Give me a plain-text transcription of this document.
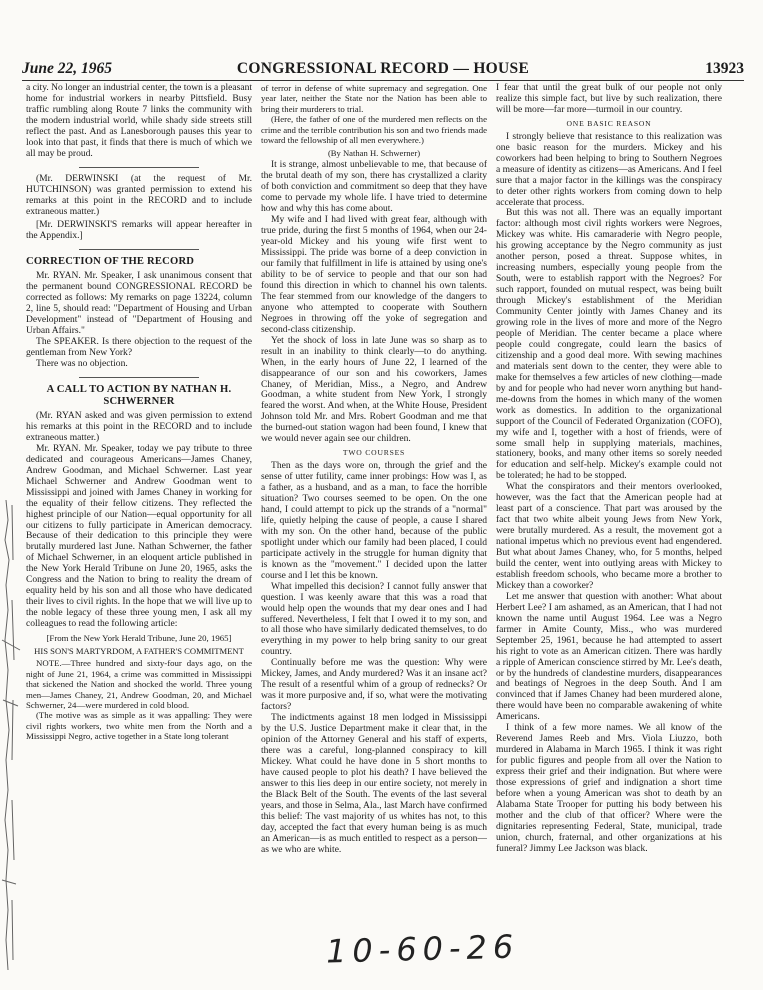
June 22, 1965	CONGRESSIONAL RECORD — HOUSE	13923

a city. No longer an industrial center, the town is a pleasant home for industrial workers in nearby Pittsfield. Busy traffic rumbling along Route 7 links the community with the modern industrial world, while shady side streets still reflect the past. And as Lanesborough pauses this year to look into that past, it finds that there is much of which we all may be proud.

(Mr. DERWINSKI (at the request of Mr. HUTCHINSON) was granted permission to extend his remarks at this point in the RECORD and to include extraneous matter.)

[Mr. DERWINSKI'S remarks will appear hereafter in the Appendix.]

CORRECTION OF THE RECORD

Mr. RYAN. Mr. Speaker, I ask unanimous consent that the permanent bound CONGRESSIONAL RECORD be corrected as follows: My remarks on page 13224, column 2, line 5, should read: "Department of Housing and Urban Development" instead of "Department of Housing and Urban Affairs."

The SPEAKER. Is there objection to the request of the gentleman from New York?

There was no objection.

A CALL TO ACTION BY NATHAN H. SCHWERNER

(Mr. RYAN asked and was given permission to extend his remarks at this point in the RECORD and to include extraneous matter.)

Mr. RYAN. Mr. Speaker, today we pay tribute to three dedicated and courageous Americans—James Chaney, Andrew Goodman, and Michael Schwerner. Last year Michael Schwerner and Andrew Goodman went to Mississippi and joined with James Chaney in working for the equality of their fellow citizens. They reflected the highest principle of our Nation—equal opportunity for all our citizens to fully participate in American democracy. Because of their dedication to this principle they were brutally murdered last June. Nathan Schwerner, the father of Michael Schwerner, in an eloquent article published in the New York Herald Tribune on June 20, 1965, asks the Congress and the Nation to bring to reality the dream of equality held by his son and all those who have dedicated their lives to civil rights. In the hope that we will live up to the noble legacy of these three young men, I ask all my colleagues to read the following article:

[From the New York Herald Tribune, June 20, 1965]

HIS SON'S MARTYRDOM, A FATHER'S COMMITMENT

NOTE.—Three hundred and sixty-four days ago, on the night of June 21, 1964, a crime was committed in Mississippi that sickened the Nation and shocked the world. Three young men—James Chaney, 21, Andrew Goodman, 20, and Michael Schwerner, 24—were murdered in cold blood.

(The motive was as simple as it was appalling: They were civil rights workers, two white men from the North and a Mississippi Negro, active together in a State long tolerant

of terror in defense of white supremacy and segregation. One year later, neither the State nor the Nation has been able to bring their murderers to trial.

(Here, the father of one of the murdered men reflects on the crime and the terrible contribution his son and two friends made toward the fellowship of all men everywhere.)

(By Nathan H. Schwerner)

It is strange, almost unbelievable to me, that because of the brutal death of my son, there has crystallized a clarity of both conviction and commitment so deep that they have come to pervade my whole life. I have tried to determine how and why this has come about.

My wife and I had lived with great fear, although with true pride, during the first 5 months of 1964, when our 24-year-old Mickey and his young wife first went to Mississippi. The pride was borne of a deep conviction in our family that fulfillment in life is attained by using one's ability to be of service to people and that our son had found this direction in which to channel his own talents. The fear stemmed from our knowledge of the dangers to anyone who attempted to cooperate with Southern Negroes in throwing off the yoke of segregation and second-class citizenship.

Yet the shock of loss in late June was so sharp as to result in an inability to think clearly—to do anything. When, in the early hours of June 22, I learned of the disappearance of our son and his coworkers, James Chaney, of Meridian, Miss., a Negro, and Andrew Goodman, a white student from New York, I strongly feared the worst. And when, at the White House, President Johnson told Mr. and Mrs. Robert Goodman and me that the burned-out station wagon had been found, I knew that we would never again see our children.

TWO COURSES

Then as the days wore on, through the grief and the sense of utter futility, came inner probings: How was I, as a father, as a husband, and as a man, to face the horrible situation? Two courses seemed to be open. On the one hand, I could attempt to pick up the strands of a "normal" life, quietly helping the cause of people, a cause I shared with my son. On the other hand, because of the public spotlight under which our family had been placed, I could participate actively in the struggle for human dignity that is known as the "movement." I decided upon the latter course and I let this be known.

What impelled this decision? I cannot fully answer that question. I was keenly aware that this was a road that would help open the wounds that my dear ones and I had suffered. Nevertheless, I felt that I owed it to my son, and to all those who have similarly dedicated themselves, to do everything in my power to help bring sanity to our great country.

Continually before me was the question: Why were Mickey, James, and Andy murdered? Was it an insane act? The result of a resentful whim of a group of rednecks? Or was it more purposive and, if so, what were the motivating factors?

The indictments against 18 men lodged in Mississippi by the U.S. Justice Department make it clear that, in the opinion of the Attorney General and his staff of experts, there was a careful, long-planned conspiracy to kill Mickey. What could he have done in 5 short months to have caused people to plot his death? I have believed the answer to this lies deep in our entire society, not merely in the Black Belt of the South. The events of the last several years, and those in Selma, Ala., last March have confirmed this belief: The vast majority of us whites has not, to this day, accepted the fact that every human being is as much an American—is as much entitled to respect as a person—as we who are white.

I fear that until the great bulk of our people not only realize this simple fact, but live by such realization, there will be more—far more—turmoil in our country.

ONE BASIC REASON

I strongly believe that resistance to this realization was one basic reason for the murders. Mickey and his coworkers had been helping to bring to Southern Negroes a measure of identity as citizens—as Americans. And I feel sure that a major factor in the killings was the conspiracy to deter other rights workers from coming down to help accelerate that process.

But this was not all. There was an equally important factor: although most civil rights workers were Negroes, Mickey was white. His camaraderie with Negro people, his growing acceptance by the Negro community as just another person, posed a threat. Suppose whites, in increasing numbers, especially young people from the South, were to establish rapport with the Negroes? For such rapport, founded on mutual respect, was being built through Mickey's establishment of the Meridian Community Center jointly with James Chaney and its growing role in the lives of more and more of the Negro people of Meridian. The center became a place where people could congregate, could learn the basics of citizenship and a good deal more. With sewing machines and materials sent down to the center, they were able to make for themselves a few articles of new clothing—made by and for people who had never worn anything but hand-me-downs from the homes in which many of the women work as domestics. In addition to the organizational support of the Council of Federated Organization (COFO), my wife and I, together with a host of friends, were of some small help in supplying materials, machines, stationery, books, and many other items so sorely needed for education and self-help. Mickey's example could not be tolerated; he had to be stopped.

What the conspirators and their mentors overlooked, however, was the fact that the American people had at least part of a conscience. That part was aroused by the fact that two white albeit young Jews from New York, were brutally murdered. As a result, the movement got a national impetus which no previous event had engendered. But what about James Chaney, who, for 5 months, helped build the center, went into outlying areas with Mickey to establish freedom schools, who became more a brother to Mickey than a coworker?

Let me answer that question with another: What about Herbert Lee? I am ashamed, as an American, that I had not known the name until August 1964. Lee was a Negro farmer in Amite County, Miss., who was murdered September 25, 1961, because he had attempted to assert his right to vote as an American citizen. There was hardly a ripple of American conscience stirred by Mr. Lee's death, or by the hundreds of clandestine murders, disappearances and beatings of Negroes in the deep South. And I am convinced that if James Chaney had been murdered alone, there would have been no comparable awakening of white Americans.

I think of a few more names. We all know of the Reverend James Reeb and Mrs. Viola Liuzzo, both murdered in Alabama in March 1965. I think it was right for public figures and people from all over the Nation to express their grief and their indignation. But where were those expressions of grief and indignation a short time before when a young American was shot to death by an Alabama State Trooper for putting his body between his mother and the club of that officer? Where were the dignitaries representing Federal, State, municipal, trade union, church, fraternal, and other organizations at his funeral? Jimmy Lee Jackson was black.

10-60-26
